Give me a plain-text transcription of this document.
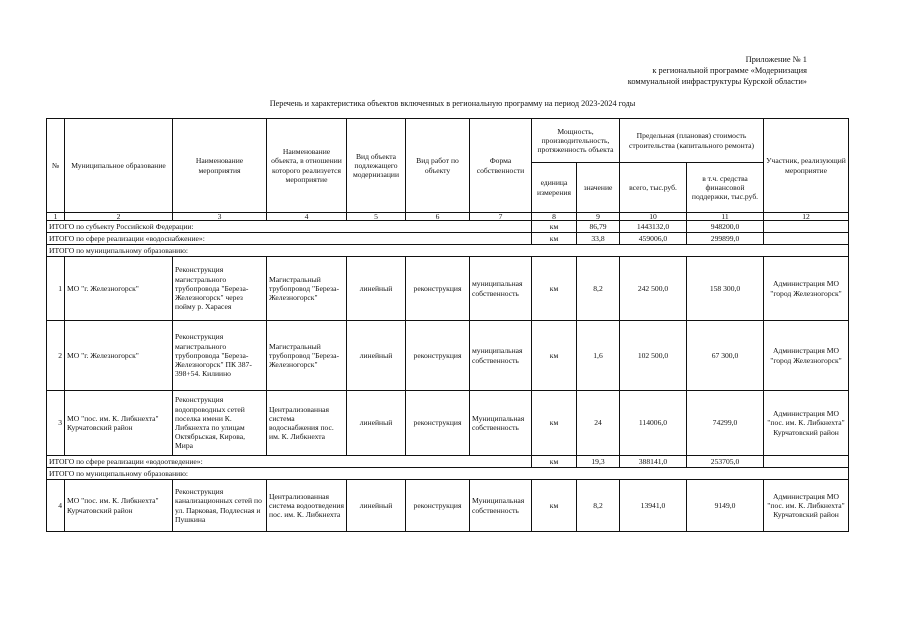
Приложение № 1
к региональной программе «Модернизация
коммунальной инфраструктуры Курской области»
Перечень и характеристика объектов включенных в региональную программу на период 2023-2024 годы
№	Муниципальное образование	Наименование мероприятия	Наименование объекта, в отношении которого реализуется мероприятие	Вид объекта подлежащего модернизации	Вид работ по объекту	Форма собственности	Мощность, производительность, протяженность объекта		Предельная (плановая) стоимость строительства (капитального ремонта)		Участник, реализующий мероприятие
							единица измерения	значение	всего, тыс.руб.	в т.ч. средства финансовой поддержки, тыс.руб.	
1	2	3	4	5	6	7	8	9	10	11	12
ИТОГО по субъекту Российской Федерации:							км	86,79	1443132,0	948200,0	
ИТОГО по сфере реализации «водоснабжение»:							км	33,8	459006,0	299899,0	
ИТОГО по муниципальному образованию:											
1	МО "г. Железногорск"	Реконструкция магистрального трубопровода "Береза-Железногорск" через пойму р. Харасея	Магистральный трубопровод "Береза-Железногорск"	линейный	реконструкция	муниципальная собственность	км	8,2	242 500,0	158 300,0	Администрация МО "город Железногорск"
2	МО "г. Железногорск"	Реконструкция магистрального трубопровода "Береза-Железногорск" ПК 387-398+54. Килиино	Магистральный трубопровод "Береза-Железногорск"	линейный	реконструкция	муниципальная собственность	км	1,6	102 500,0	67 300,0	Администрация МО "город Железногорск"
3	МО "пос. им. К. Либкнехта" Курчатовский район	Реконструкция водопроводных сетей поселка имени К. Либкнехта по улицам Октябрьская, Кирова, Мира	Централизованная система водоснабжения пос. им. К. Либкнехта	линейный	реконструкция	Муниципальная собственность	км	24	114006,0	74299,0	Администрация МО "пос. им. К. Либкнехта" Курчатовский район
ИТОГО по сфере реализации «водоотведение»:							км	19,3	388141,0	253705,0	
ИТОГО по муниципальному образованию:											
4	МО "пос. им. К. Либкнехта" Курчатовский район	Реконструкция канализационных сетей по ул. Парковая, Подлесная и Пушкина	Централизованная система водоотведения пос. им. К. Либкнехта	линейный	реконструкция	Муниципальная собственность	км	8,2	13941,0	9149,0	Администрация МО "пос. им. К. Либкнехта" Курчатовский район
